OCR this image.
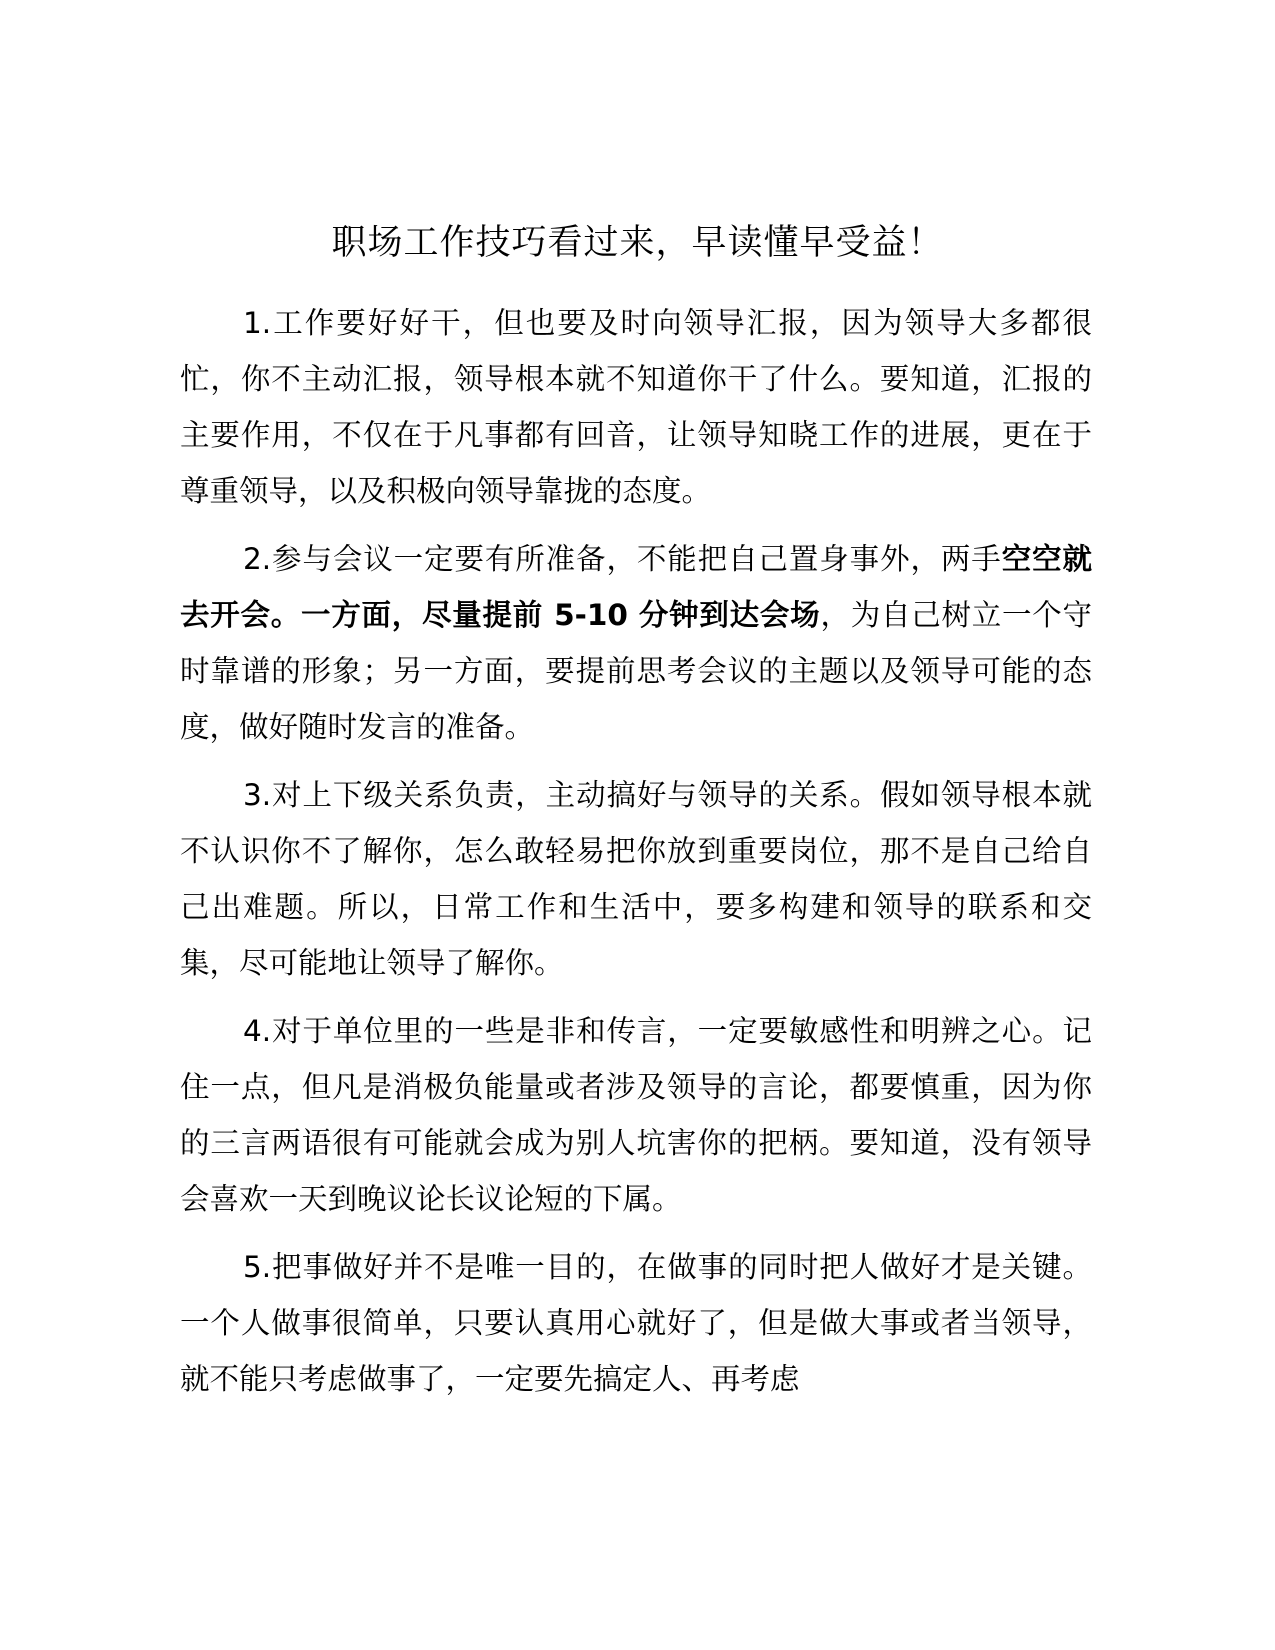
职场工作技巧看过来，早读懂早受益！

1.工作要好好干，但也要及时向领导汇报，因为领导大多都很忙，你不主动汇报，领导根本就不知道你干了什么。要知道，汇报的主要作用，不仅在于凡事都有回音，让领导知晓工作的进展，更在于尊重领导，以及积极向领导靠拢的态度。

2.参与会议一定要有所准备，不能把自己置身事外，两手空空就去开会。一方面，尽量提前 5-10 分钟到达会场，为自己树立一个守时靠谱的形象；另一方面，要提前思考会议的主题以及领导可能的态度，做好随时发言的准备。

3.对上下级关系负责，主动搞好与领导的关系。假如领导根本就不认识你不了解你，怎么敢轻易把你放到重要岗位，那不是自己给自己出难题。所以，日常工作和生活中，要多构建和领导的联系和交集，尽可能地让领导了解你。

4.对于单位里的一些是非和传言，一定要敏感性和明辨之心。记住一点，但凡是消极负能量或者涉及领导的言论，都要慎重，因为你的三言两语很有可能就会成为别人坑害你的把柄。要知道，没有领导会喜欢一天到晚议论长议论短的下属。

5.把事做好并不是唯一目的，在做事的同时把人做好才是关键。一个人做事很简单，只要认真用心就好了，但是做大事或者当领导，就不能只考虑做事了，一定要先搞定人、再考虑
